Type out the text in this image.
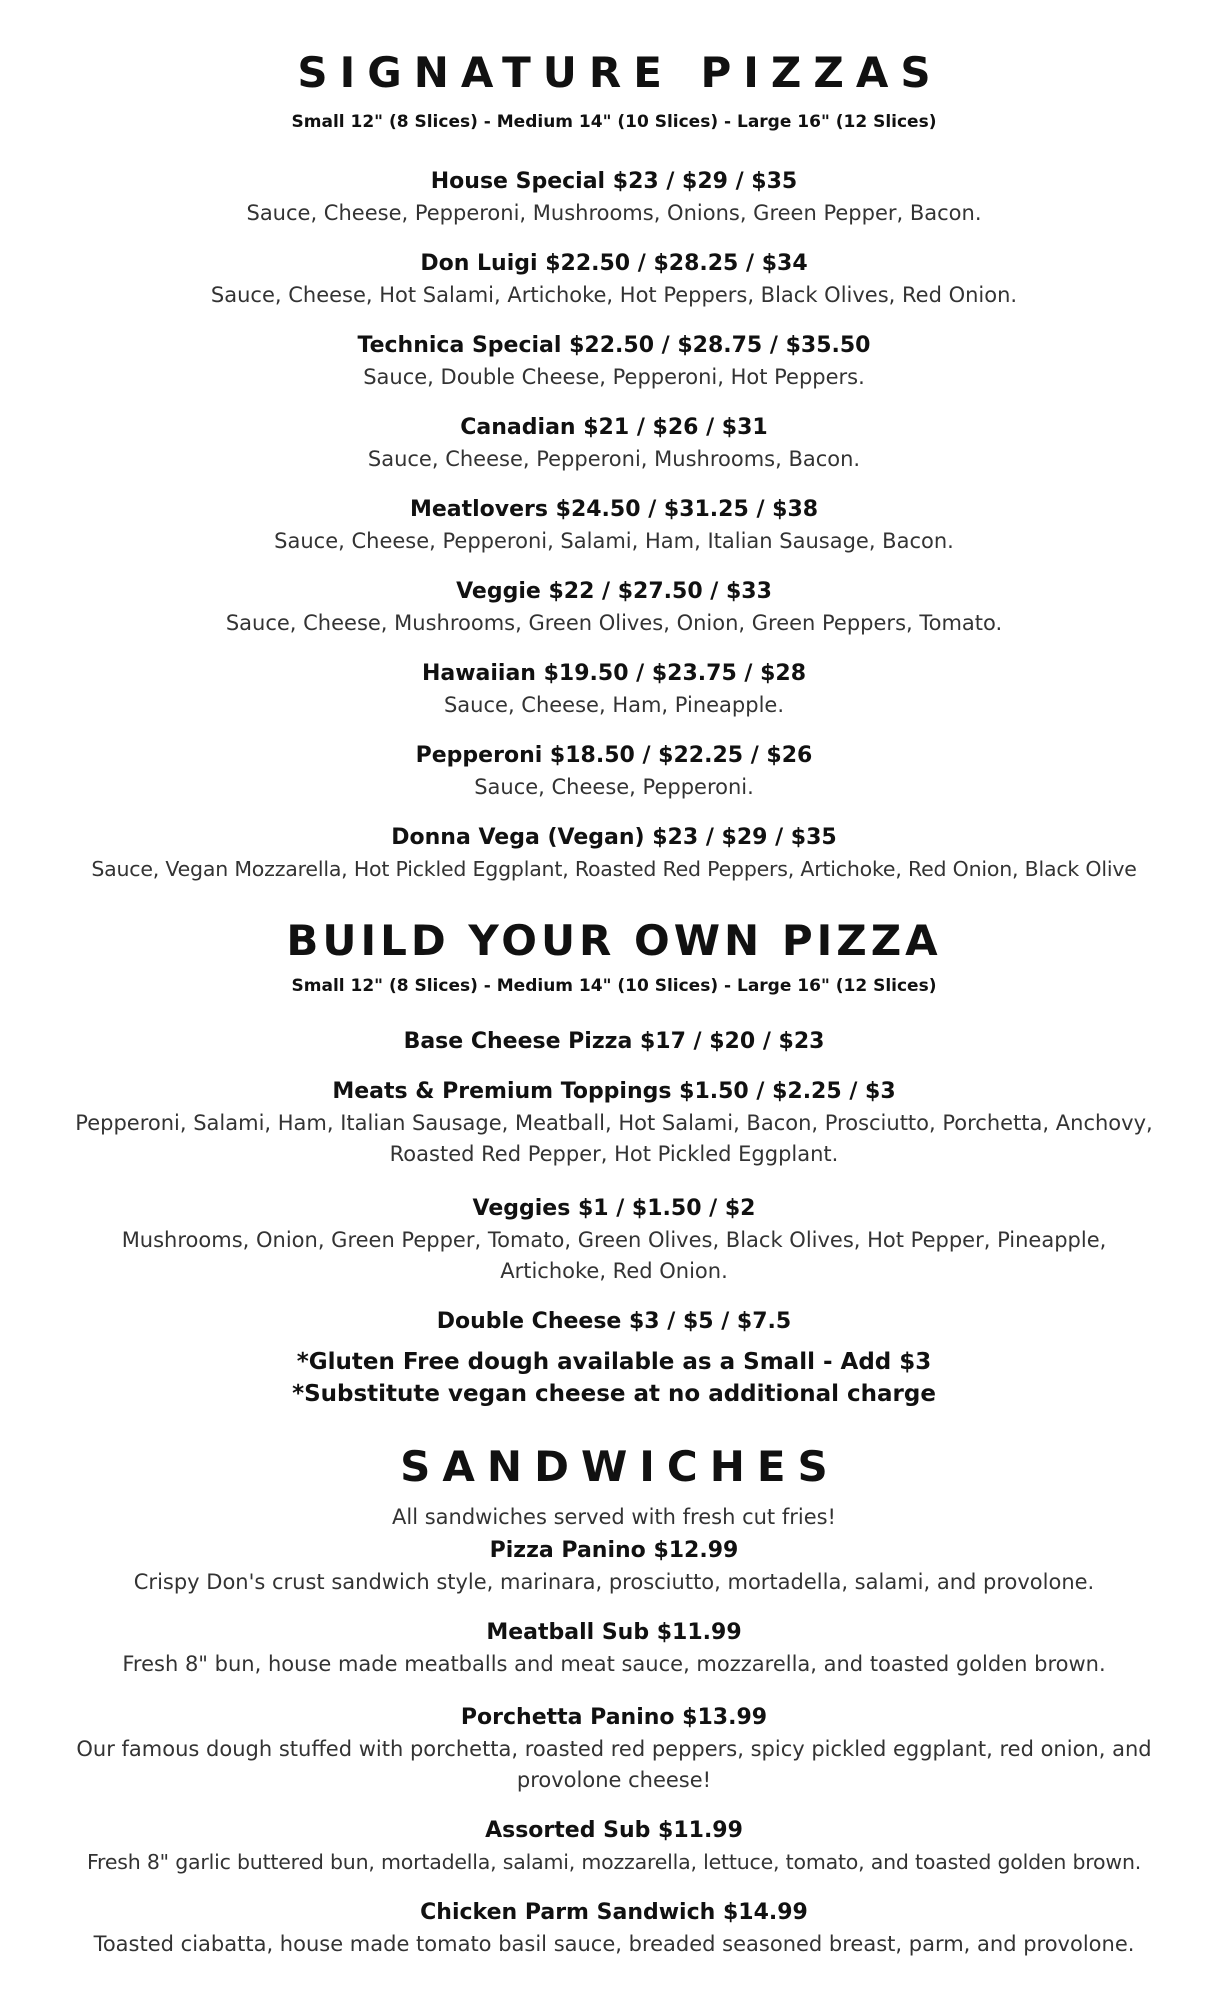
SIGNATURE PIZZAS
Small 12" (8 Slices) - Medium 14" (10 Slices) - Large 16" (12 Slices)
House Special $23 / $29 / $35
Sauce, Cheese, Pepperoni, Mushrooms, Onions, Green Pepper, Bacon.
Don Luigi $22.50 / $28.25 / $34
Sauce, Cheese, Hot Salami, Artichoke, Hot Peppers, Black Olives, Red Onion.
Technica Special $22.50 / $28.75 / $35.50
Sauce, Double Cheese, Pepperoni, Hot Peppers.
Canadian $21 / $26 / $31
Sauce, Cheese, Pepperoni, Mushrooms, Bacon.
Meatlovers $24.50 / $31.25 / $38
Sauce, Cheese, Pepperoni, Salami, Ham, Italian Sausage, Bacon.
Veggie $22 / $27.50 / $33
Sauce, Cheese, Mushrooms, Green Olives, Onion, Green Peppers, Tomato.
Hawaiian $19.50 / $23.75 / $28
Sauce, Cheese, Ham, Pineapple.
Pepperoni $18.50 / $22.25 / $26
Sauce, Cheese, Pepperoni.
Donna Vega (Vegan) $23 / $29 / $35
Sauce, Vegan Mozzarella, Hot Pickled Eggplant, Roasted Red Peppers, Artichoke, Red Onion, Black Olive
BUILD YOUR OWN PIZZA
Small 12" (8 Slices) - Medium 14" (10 Slices) - Large 16" (12 Slices)
Base Cheese Pizza $17 / $20 / $23
Meats & Premium Toppings $1.50 / $2.25 / $3
Pepperoni, Salami, Ham, Italian Sausage, Meatball, Hot Salami, Bacon, Prosciutto, Porchetta, Anchovy, Roasted Red Pepper, Hot Pickled Eggplant.
Veggies $1 / $1.50 / $2
Mushrooms, Onion, Green Pepper, Tomato, Green Olives, Black Olives, Hot Pepper, Pineapple, Artichoke, Red Onion.
Double Cheese $3 / $5 / $7.5
*Gluten Free dough available as a Small - Add $3
*Substitute vegan cheese at no additional charge
SANDWICHES
All sandwiches served with fresh cut fries!
Pizza Panino $12.99
Crispy Don's crust sandwich style, marinara, prosciutto, mortadella, salami, and provolone.
Meatball Sub $11.99
Fresh 8" bun, house made meatballs and meat sauce, mozzarella, and toasted golden brown.
Porchetta Panino $13.99
Our famous dough stuffed with porchetta, roasted red peppers, spicy pickled eggplant, red onion, and provolone cheese!
Assorted Sub $11.99
Fresh 8" garlic buttered bun, mortadella, salami, mozzarella, lettuce, tomato, and toasted golden brown.
Chicken Parm Sandwich $14.99
Toasted ciabatta, house made tomato basil sauce, breaded seasoned breast, parm, and provolone.
